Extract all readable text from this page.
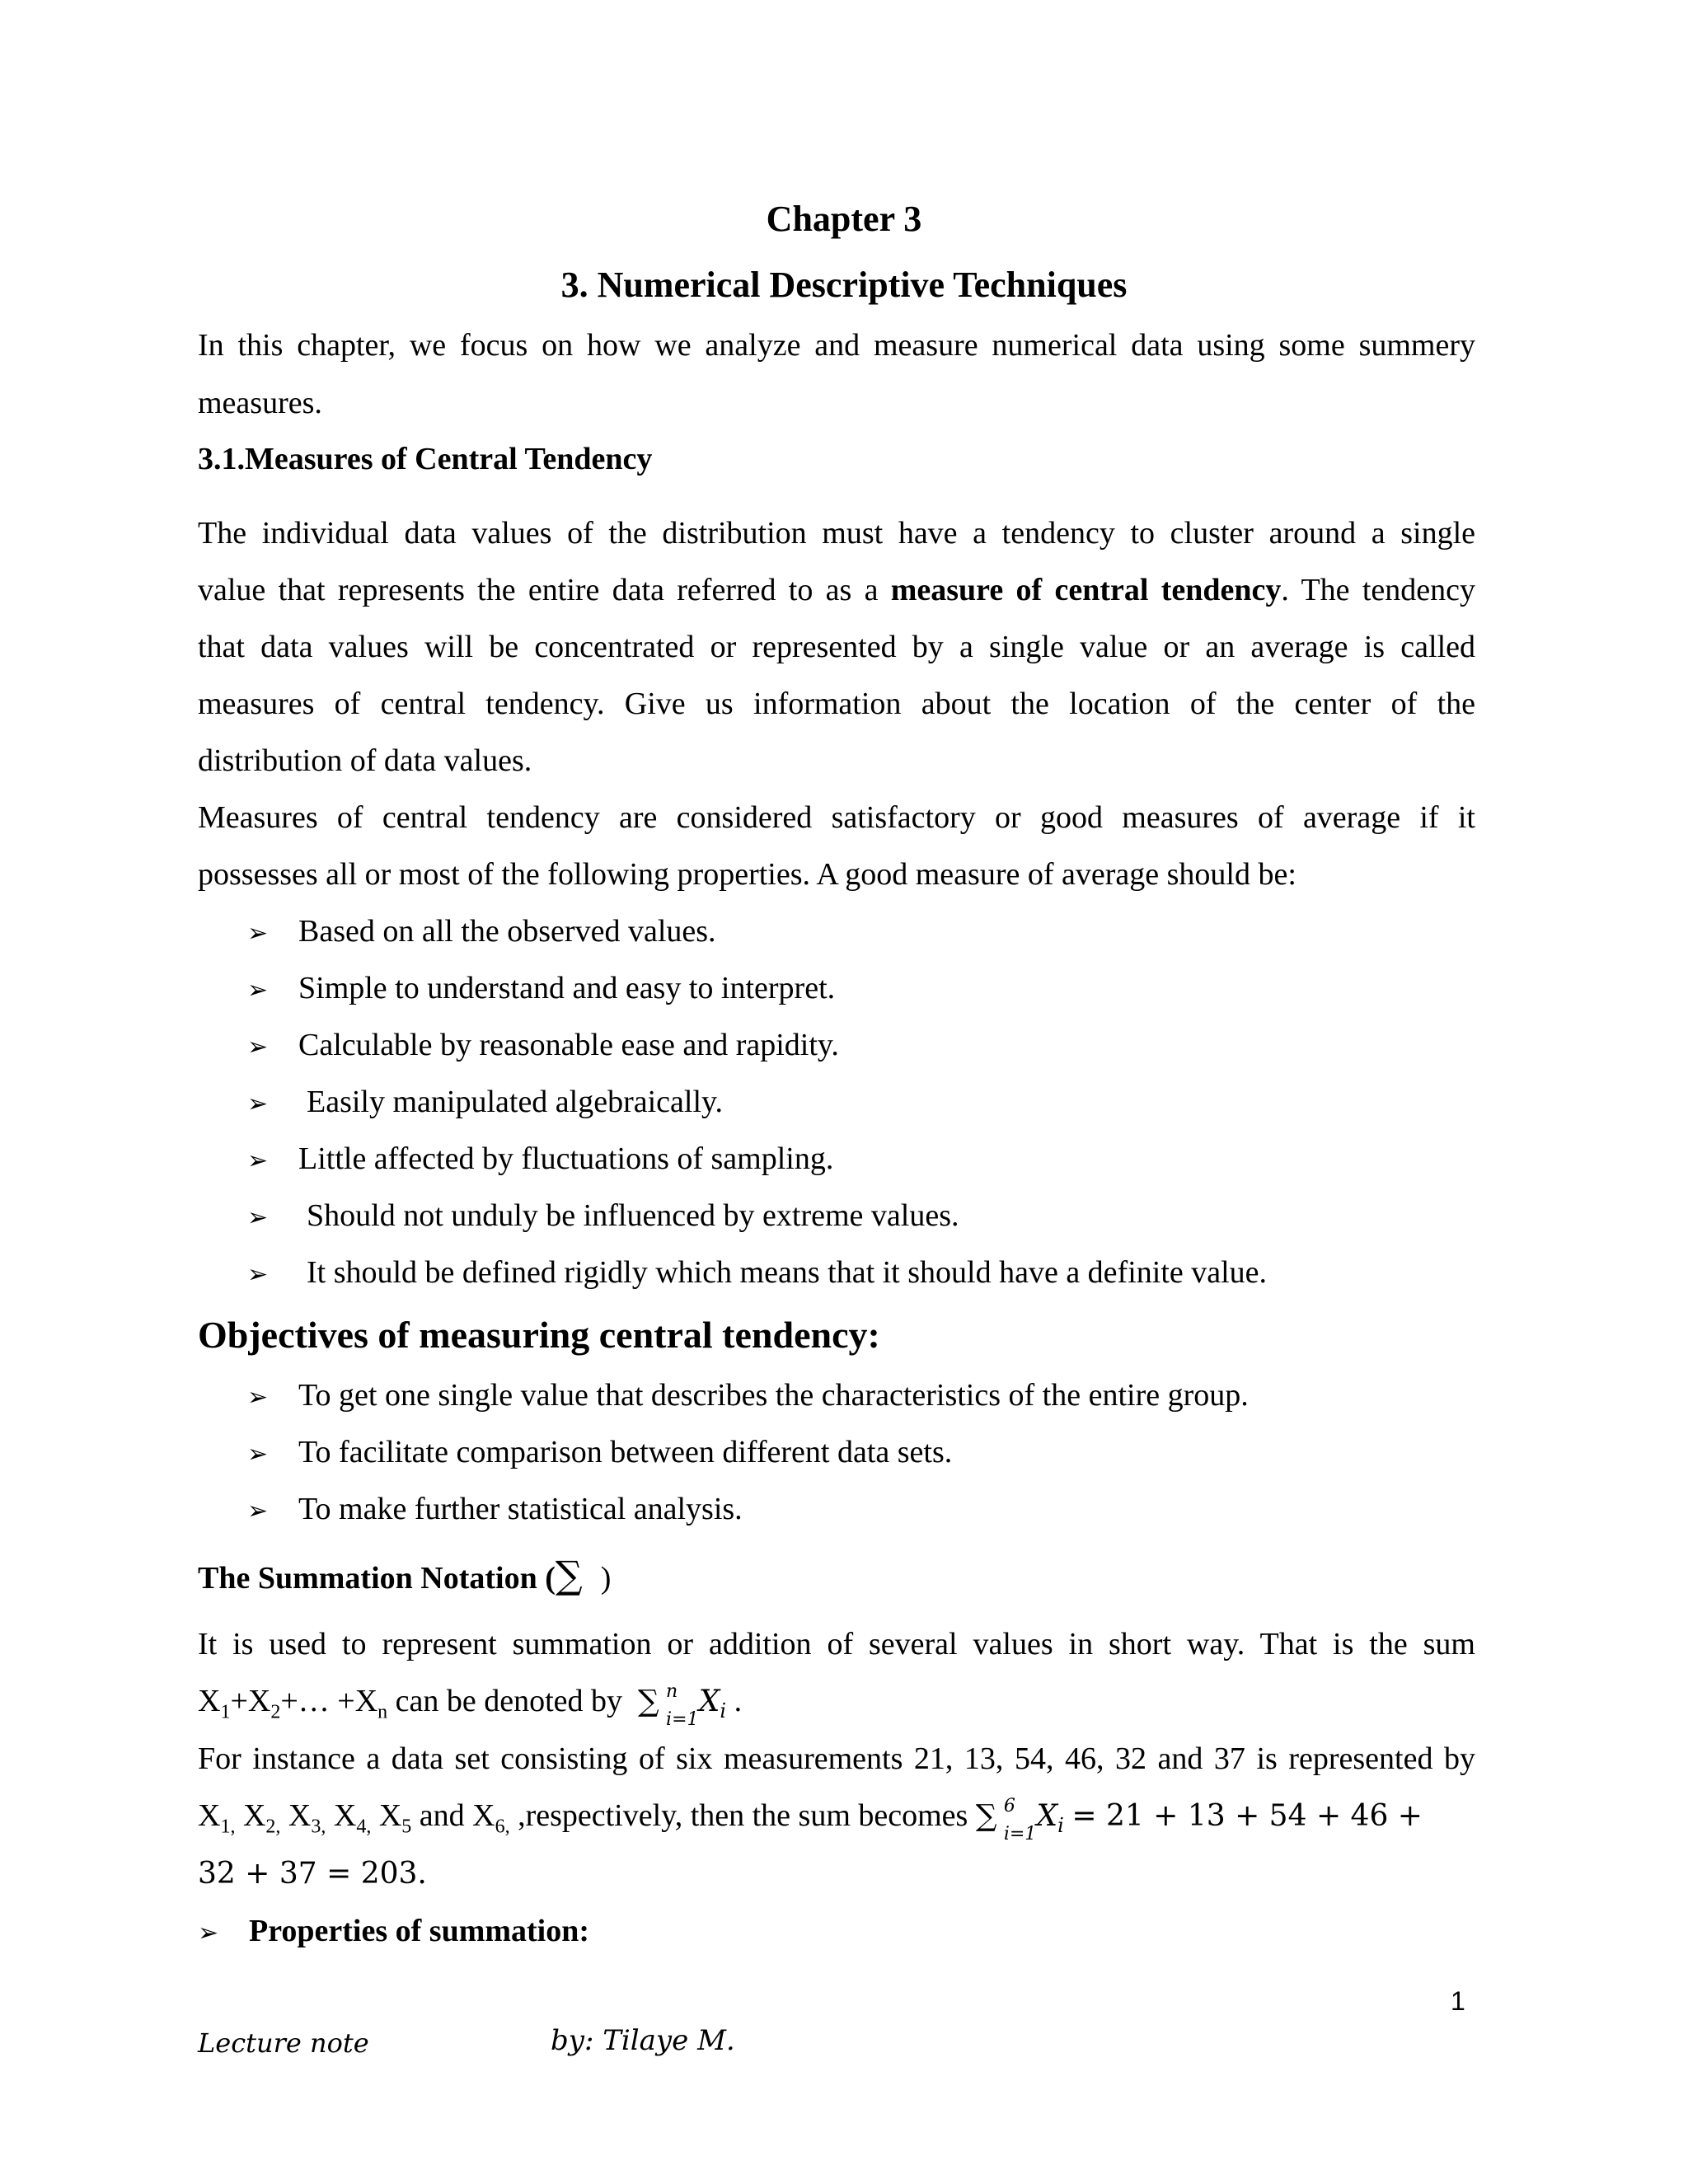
Chapter 3
3. Numerical Descriptive Techniques
In this chapter, we focus on how we analyze and measure numerical data using some summery
measures.
3.1.Measures of Central Tendency
The individual data values of the distribution must have a tendency to cluster around a single
value that represents the entire data referred to as a measure of central tendency. The tendency
that data values will be concentrated or represented by a single value or an average is called
measures of central tendency. Give us information about the location of the center of the
distribution of data values.
Measures of central tendency are considered satisfactory or good measures of average if it
possesses all or most of the following properties. A good measure of average should be:
➢ Based on all the observed values.
➢ Simple to understand and easy to interpret.
➢ Calculable by reasonable ease and rapidity.
➢ Easily manipulated algebraically.
➢ Little affected by fluctuations of sampling.
➢ Should not unduly be influenced by extreme values.
➢ It should be defined rigidly which means that it should have a definite value.
Objectives of measuring central tendency:
➢ To get one single value that describes the characteristics of the entire group.
➢ To facilitate comparison between different data sets.
➢ To make further statistical analysis.
The Summation Notation (∑ )
It is used to represent summation or addition of several values in short way. That is the sum
$X_1+X_2+\dots +X_n$ can be denoted by ∑ n
i=1
$X_i$ .
For instance a data set consisting of six measurements 21, 13, 54, 46, 32 and 37 is represented by
$X_{1,}$ $X_{2,}$ $X_{3,}$ $X_{4,}$ $X_5$ and $X_{6,}$ ,respectively, then the sum becomes ∑ 6
i=1
$X_i = 21 + 13 + 54 + 46$ +
32 + 37 = 203.
➢ Properties of summation:
1
Lecture note	by: Tilaye M.
